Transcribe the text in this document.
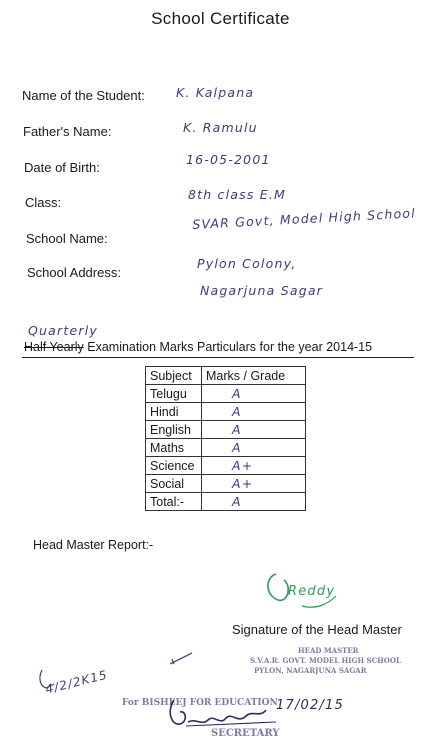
School Certificate
Name of the Student: K. Kalpana
Father's Name:	K. Ramulu
Date of Birth:
16-05-2001
Class:
8th class E.M
School Name:
SVAR Govt, Model High School
School Address:
Pylon Colony,
Nagarjuna Sagar
Quarterly
Half Yearly Examination Marks Particulars for the year 2014-15
Subject	Marks / Grade
Telugu	A
Hindi	A
English	A
Maths	A
Science	A+
Social	A+
Total:-	A
Head Master Report:-
Reddy
Signature of the Head Master
HEAD MASTER
S.V.A.R. GOVT. MODEL HIGH SCHOOL
PYLON, NAGARJUNA SAGAR
4/2/2K15
For BISHEEJ FOR EDUCATION
SECRETARY
17/02/15
